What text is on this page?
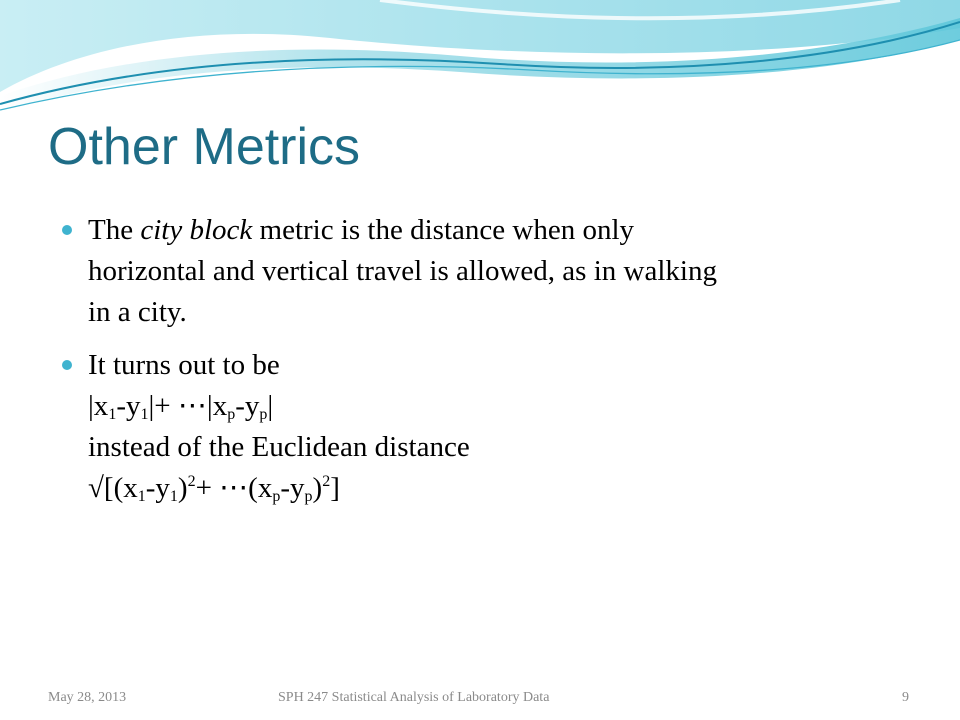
Other Metrics
The city block metric is the distance when only
horizontal and vertical travel is allowed, as in walking
in a city.
It turns out to be
$|x_1-y_1|+$ $\cdots|x_p-y_p|$
instead of the Euclidean distance
$√[(x_1-y_1)^2+$ $\cdots(x_p-y_p)^2$]
May 28, 2013	SPH 247 Statistical Analysis of Laboratory Data	9
